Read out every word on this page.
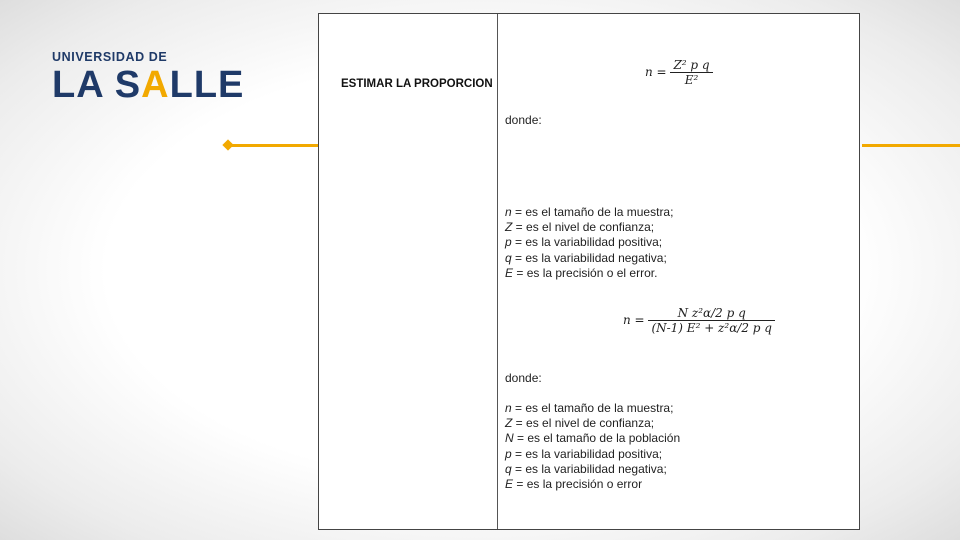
UNIVERSIDAD DE
LA SALLE	ESTIMAR LA PROPORCION
$n = \frac{\text{Z² p q}}{\text{E²}}$
donde:
n = es el tamaño de la muestra;
Z = es el nivel de confianza;
p = es la variabilidad positiva;
q = es la variabilidad negativa;
E = es la precisión o el error.
$n = \frac{\text{N z²α/2 p q}}{\text{(N-1) E² + z²α/2 p q}}$
donde:
n = es el tamaño de la muestra;
Z = es el nivel de confianza;
N = es el tamaño de la población
p = es la variabilidad positiva;
q = es la variabilidad negativa;
E = es la precisión o error
